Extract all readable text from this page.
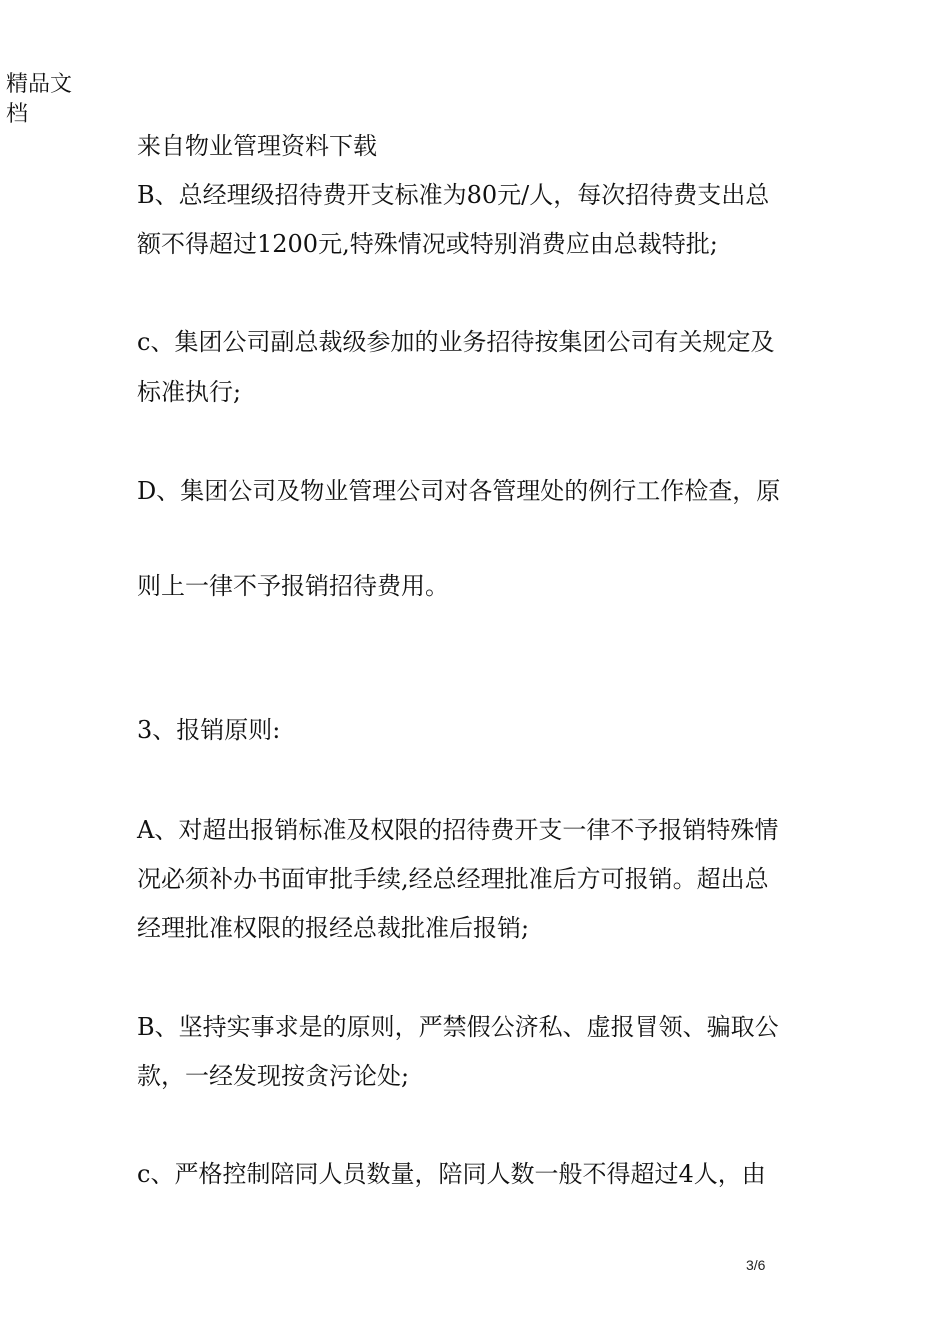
精品文档
来自物业管理资料下载
B、总经理级招待费开支标准为80元/人，每次招待费支出总
额不得超过1200元,特殊情况或特别消费应由总裁特批;
c、集团公司副总裁级参加的业务招待按集团公司有关规定及
标准执行;
D、集团公司及物业管理公司对各管理处的例行工作检查，原
则上一律不予报销招待费用。
3、报销原则:
A、对超出报销标准及权限的招待费开支一律不予报销特殊情
况必须补办书面审批手续,经总经理批准后方可报销。超出总
经理批准权限的报经总裁批准后报销;
B、坚持实事求是的原则，严禁假公济私、虚报冒领、骗取公
款，一经发现按贪污论处;
c、严格控制陪同人员数量，陪同人数一般不得超过4人，由
3/6
